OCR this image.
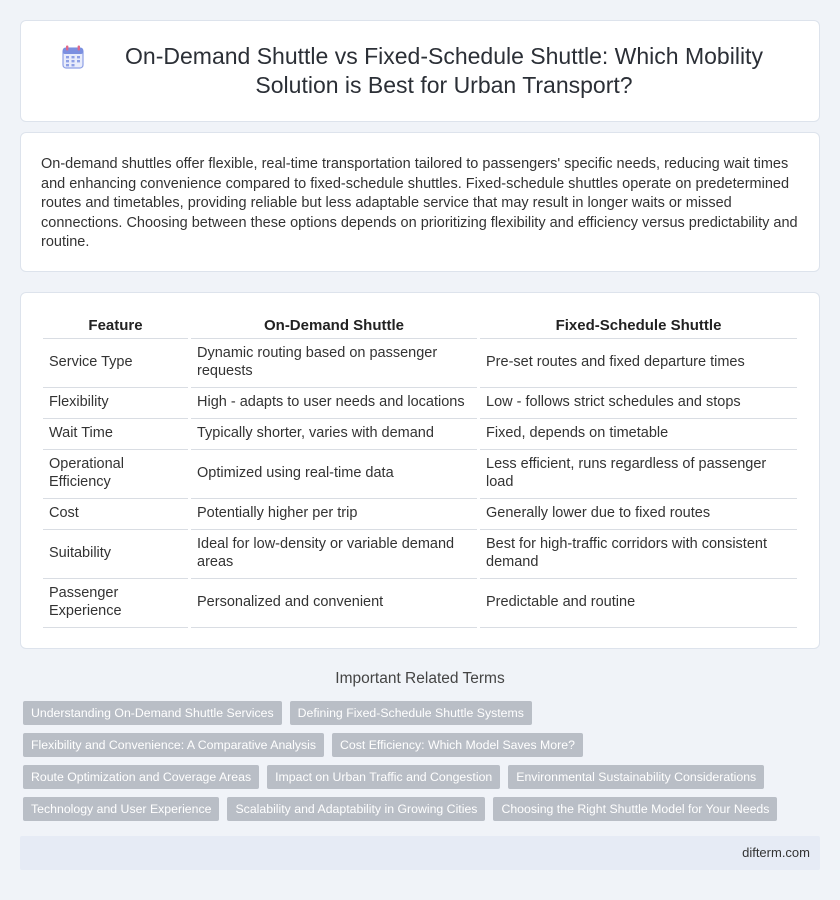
On-Demand Shuttle vs Fixed-Schedule Shuttle: Which Mobility Solution is Best for Urban Transport?

On-demand shuttles offer flexible, real-time transportation tailored to passengers' specific needs, reducing wait times and enhancing convenience compared to fixed-schedule shuttles. Fixed-schedule shuttles operate on predetermined routes and timetables, providing reliable but less adaptable service that may result in longer waits or missed connections. Choosing between these options depends on prioritizing flexibility and efficiency versus predictability and routine.

Feature	On-Demand Shuttle	Fixed-Schedule Shuttle
Service Type	Dynamic routing based on passenger requests	Pre-set routes and fixed departure times
Flexibility	High - adapts to user needs and locations	Low - follows strict schedules and stops
Wait Time	Typically shorter, varies with demand	Fixed, depends on timetable
Operational Efficiency	Optimized using real-time data	Less efficient, runs regardless of passenger load
Cost	Potentially higher per trip	Generally lower due to fixed routes
Suitability	Ideal for low-density or variable demand areas	Best for high-traffic corridors with consistent demand
Passenger Experience	Personalized and convenient	Predictable and routine
Important Related Terms
Understanding On-Demand Shuttle Services	Defining Fixed-Schedule Shuttle Systems
Flexibility and Convenience: A Comparative Analysis	Cost Efficiency: Which Model Saves More?
Route Optimization and Coverage Areas	Impact on Urban Traffic and Congestion	Environmental Sustainability Considerations
Technology and User Experience	Scalability and Adaptability in Growing Cities	Choosing the Right Shuttle Model for Your Needs
difterm.com
